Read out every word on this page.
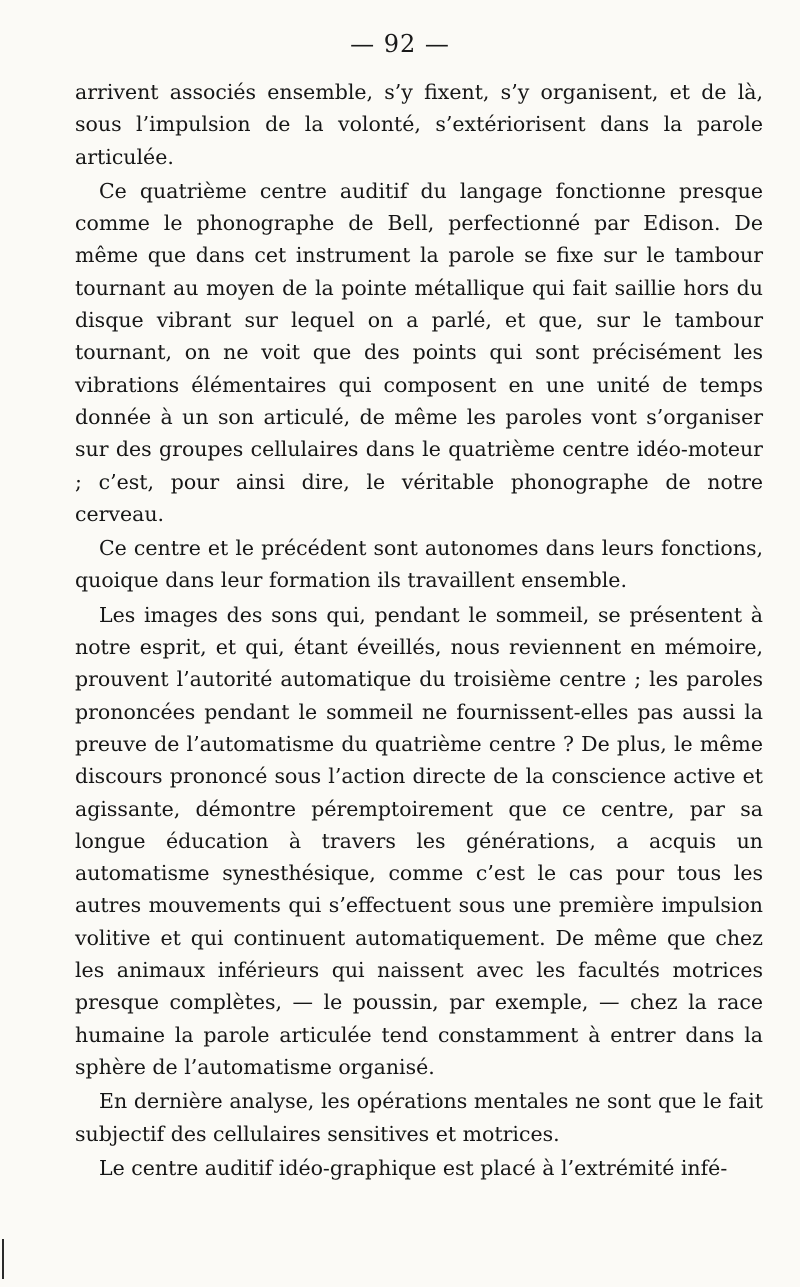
— 92 —

arrivent associés ensemble, s’y fixent, s’y organisent, et de là, sous l’impulsion de la volonté, s’extériorisent dans la parole articulée.

Ce quatrième centre auditif du langage fonctionne presque comme le phonographe de Bell, perfectionné par Edison. De même que dans cet instrument la parole se fixe sur le tambour tournant au moyen de la pointe métallique qui fait saillie hors du disque vibrant sur lequel on a parlé, et que, sur le tambour tournant, on ne voit que des points qui sont précisément les vibrations élémentaires qui composent en une unité de temps donnée à un son articulé, de même les paroles vont s’organiser sur des groupes cellulaires dans le quatrième centre idéo-moteur ; c’est, pour ainsi dire, le véritable phonographe de notre cerveau.

Ce centre et le précédent sont autonomes dans leurs fonctions, quoique dans leur formation ils travaillent ensemble.

Les images des sons qui, pendant le sommeil, se présentent à notre esprit, et qui, étant éveillés, nous reviennent en mémoire, prouvent l’autorité automatique du troisième centre ; les paroles prononcées pendant le sommeil ne fournissent-elles pas aussi la preuve de l’automatisme du quatrième centre ? De plus, le même discours prononcé sous l’action directe de la conscience active et agissante, démontre péremptoirement que ce centre, par sa longue éducation à travers les générations, a acquis un automatisme synesthésique, comme c’est le cas pour tous les autres mouvements qui s’effectuent sous une première impulsion volitive et qui continuent automatiquement. De même que chez les animaux inférieurs qui naissent avec les facultés motrices presque complètes, — le poussin, par exemple, — chez la race humaine la parole articulée tend constamment à entrer dans la sphère de l’automatisme organisé.

En dernière analyse, les opérations mentales ne sont que le fait subjectif des cellulaires sensitives et motrices.

Le centre auditif idéo-graphique est placé à l’extrémité infé-
